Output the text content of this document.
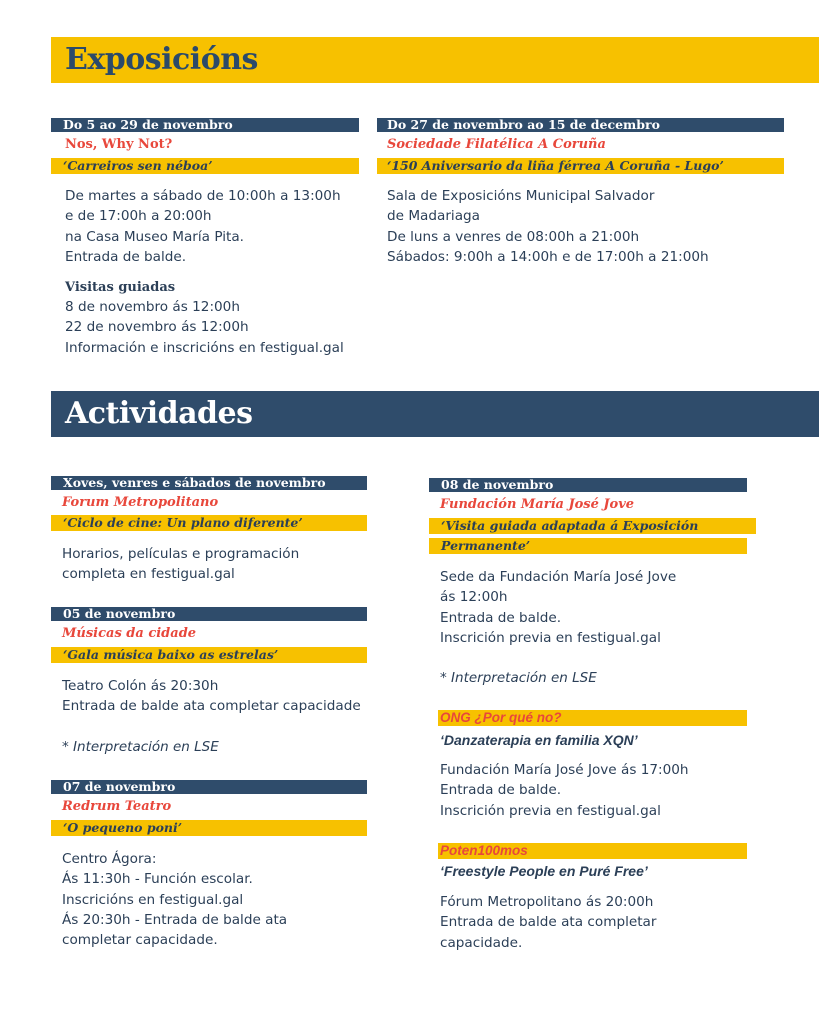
Exposicións
Do 5 ao 29 de novembro
Nos, Why Not?
‘Carreiros sen néboa’
De martes a sábado de 10:00h a 13:00h
e de 17:00h a 20:00h
na Casa Museo María Pita.
Entrada de balde.
Visitas guiadas
8 de novembro ás 12:00h
22 de novembro ás 12:00h
Información e inscricións en festigual.gal
Do 27 de novembro ao 15 de decembro
Sociedade Filatélica A Coruña
‘150 Aniversario da liña férrea A Coruña - Lugo’
Sala de Exposicións Municipal Salvador
de Madariaga
De luns a venres de 08:00h a 21:00h
Sábados: 9:00h a 14:00h e de 17:00h a 21:00h
Actividades
Xoves, venres e sábados de novembro
Forum Metropolitano
‘Ciclo de cine: Un plano diferente’
Horarios, películas e programación
completa en festigual.gal
05 de novembro
Músicas da cidade
‘Gala música baixo as estrelas’
Teatro Colón ás 20:30h
Entrada de balde ata completar capacidade
* Interpretación en LSE
07 de novembro
Redrum Teatro
‘O pequeno poni’
Centro Ágora:
Ás 11:30h - Función escolar.
Inscricións en festigual.gal
Ás 20:30h - Entrada de balde ata
completar capacidade.
08 de novembro
Fundación María José Jove
‘Visita guiada adaptada á Exposición
Permanente’
Sede da Fundación María José Jove
ás 12:00h
Entrada de balde.
Inscrición previa en festigual.gal
* Interpretación en LSE
ONG ¿Por qué no?
‘Danzaterapia en familia XQN’
Fundación María José Jove ás 17:00h
Entrada de balde.
Inscrición previa en festigual.gal
Poten100mos
‘Freestyle People en Puré Free’
Fórum Metropolitano ás 20:00h
Entrada de balde ata completar
capacidade.
